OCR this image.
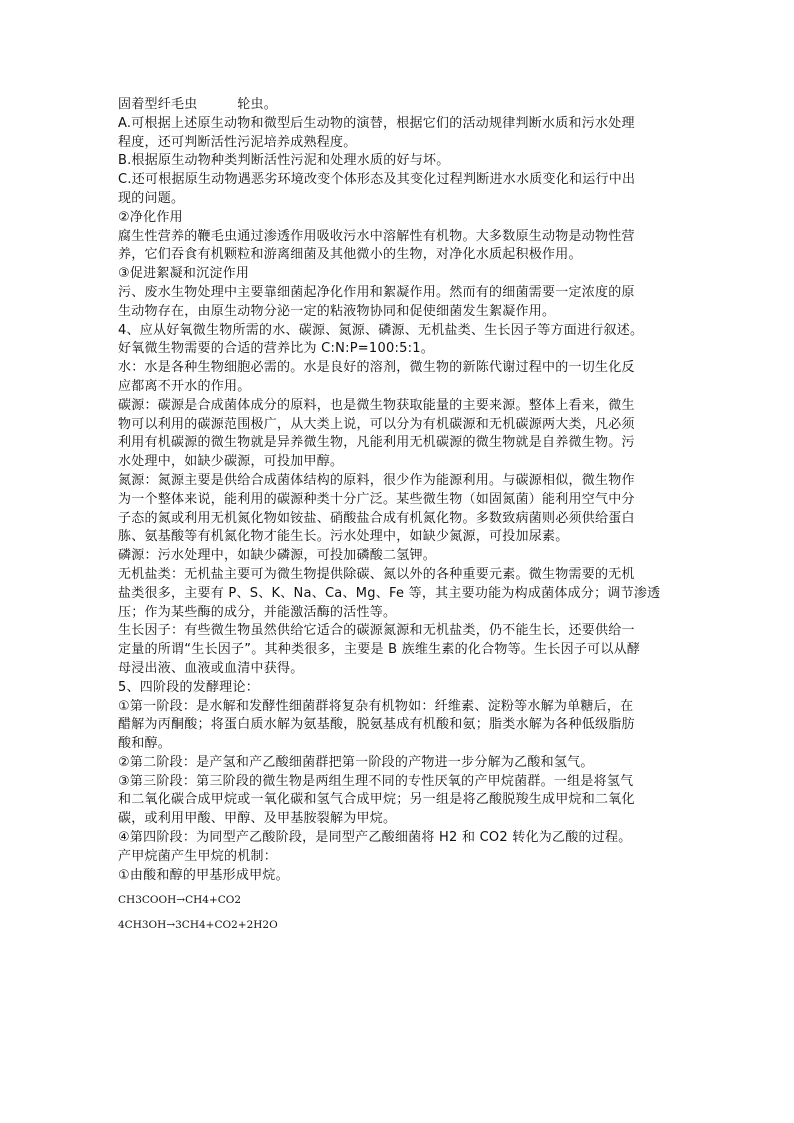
固着型纤毛虫　　　轮虫。
A.可根据上述原生动物和微型后生动物的演替，根据它们的活动规律判断水质和污水处理
程度，还可判断活性污泥培养成熟程度。
B.根据原生动物种类判断活性污泥和处理水质的好与坏。
C.还可根据原生动物遇恶劣环境改变个体形态及其变化过程判断进水水质变化和运行中出
现的问题。
②净化作用
腐生性营养的鞭毛虫通过渗透作用吸收污水中溶解性有机物。大多数原生动物是动物性营
养，它们吞食有机颗粒和游离细菌及其他微小的生物，对净化水质起积极作用。
③促进絮凝和沉淀作用
污、废水生物处理中主要靠细菌起净化作用和絮凝作用。然而有的细菌需要一定浓度的原
生动物存在，由原生动物分泌一定的粘液物协同和促使细菌发生絮凝作用。
4、应从好氧微生物所需的水、碳源、氮源、磷源、无机盐类、生长因子等方面进行叙述。
好氧微生物需要的合适的营养比为 C:N:P=100:5:1。
水：水是各种生物细胞必需的。水是良好的溶剂，微生物的新陈代谢过程中的一切生化反
应都离不开水的作用。
碳源：碳源是合成菌体成分的原料，也是微生物获取能量的主要来源。整体上看来，微生
物可以利用的碳源范围极广，从大类上说，可以分为有机碳源和无机碳源两大类，凡必须
利用有机碳源的微生物就是异养微生物，凡能利用无机碳源的微生物就是自养微生物。污
水处理中，如缺少碳源，可投加甲醇。
氮源：氮源主要是供给合成菌体结构的原料，很少作为能源利用。与碳源相似，微生物作
为一个整体来说，能利用的碳源种类十分广泛。某些微生物（如固氮菌）能利用空气中分
子态的氮或利用无机氮化物如铵盐、硝酸盐合成有机氮化物。多数致病菌则必须供给蛋白
胨、氨基酸等有机氮化物才能生长。污水处理中，如缺少氮源，可投加尿素。
磷源：污水处理中，如缺少磷源，可投加磷酸二氢钾。
无机盐类：无机盐主要可为微生物提供除碳、氮以外的各种重要元素。微生物需要的无机
盐类很多，主要有 P、S、K、Na、Ca、Mg、Fe 等，其主要功能为构成菌体成分；调节渗透
压；作为某些酶的成分，并能激活酶的活性等。
生长因子：有些微生物虽然供给它适合的碳源氮源和无机盐类，仍不能生长，还要供给一
定量的所谓“生长因子”。其种类很多，主要是 B 族维生素的化合物等。生长因子可以从酵
母浸出液、血液或血清中获得。
5、四阶段的发酵理论：
①第一阶段：是水解和发酵性细菌群将复杂有机物如：纤维素、淀粉等水解为单糖后，在
醋解为丙酮酸；将蛋白质水解为氨基酸，脱氨基成有机酸和氨；脂类水解为各种低级脂肪
酸和醇。
②第二阶段：是产氢和产乙酸细菌群把第一阶段的产物进一步分解为乙酸和氢气。
③第三阶段：第三阶段的微生物是两组生理不同的专性厌氧的产甲烷菌群。一组是将氢气
和二氧化碳合成甲烷或一氧化碳和氢气合成甲烷；另一组是将乙酸脱羧生成甲烷和二氧化
碳，或利用甲酸、甲醇、及甲基胺裂解为甲烷。
④第四阶段：为同型产乙酸阶段，是同型产乙酸细菌将 H2 和 CO2 转化为乙酸的过程。
产甲烷菌产生甲烷的机制：
①由酸和醇的甲基形成甲烷。
CH3COOH→CH4+CO2
4CH3OH→3CH4+CO2+2H2O
